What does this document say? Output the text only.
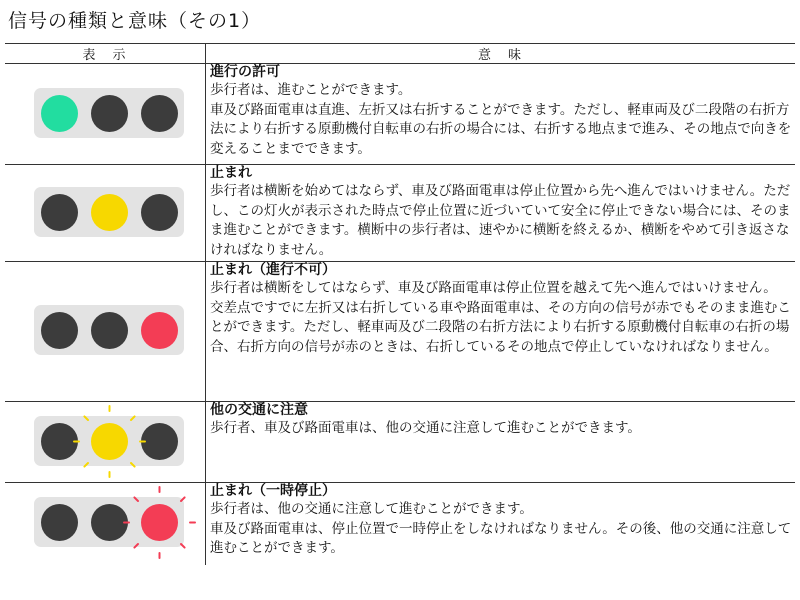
信号の種類と意味（その1）
表　示	意　味

	進行の許可

歩行者は、進むことができます。

車及び路面電車は直進、左折又は右折することができます。ただし、軽車両及び二段階の右折方法により右折する原動機付自転車の右折の場合には、右折する地点まで進み、その地点で向きを変えることまでできます。

	止まれ

歩行者は横断を始めてはならず、車及び路面電車は停止位置から先へ進んではいけません。ただし、この灯火が表示された時点で停止位置に近づいていて安全に停止できない場合には、そのまま進むことができます。横断中の歩行者は、速やかに横断を終えるか、横断をやめて引き返さなければなりません。

	止まれ（進行不可）

歩行者は横断をしてはならず、車及び路面電車は停止位置を越えて先へ進んではいけません。

交差点ですでに左折又は右折している車や路面電車は、その方向の信号が赤でもそのまま進むことができます。ただし、軽車両及び二段階の右折方法により右折する原動機付自転車の右折の場合、右折方向の信号が赤のときは、右折しているその地点で停止していなければなりません。

他の交通に注意

歩行者、車及び路面電車は、他の交通に注意して進むことができます。

止まれ（一時停止）

歩行者は、他の交通に注意して進むことができます。

車及び路面電車は、停止位置で一時停止をしなければなりません。その後、他の交通に注意して進むことができます。
